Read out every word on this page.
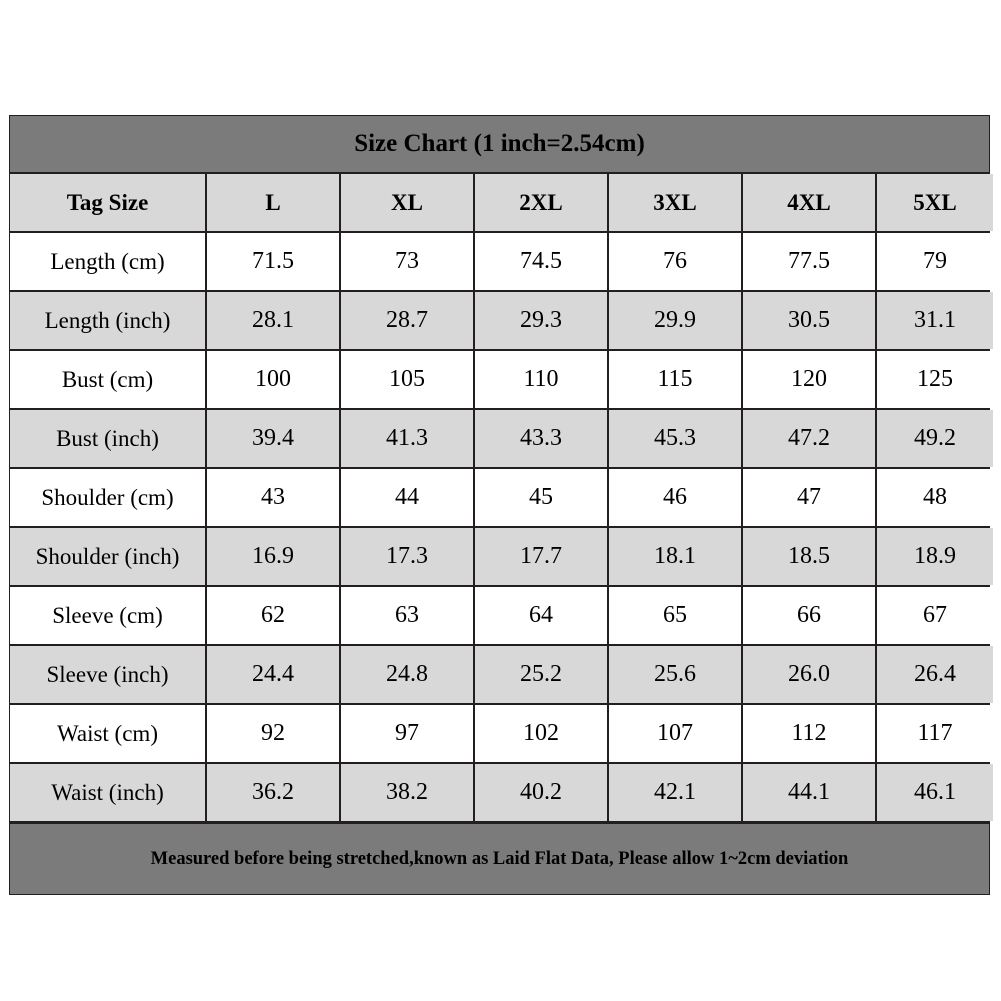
Size Chart (1 inch=2.54cm)
Tag Size	L	XL	2XL	3XL	4XL	5XL
Length (cm)	71.5	73	74.5	76	77.5	79
Length (inch)	28.1	28.7	29.3	29.9	30.5	31.1
Bust (cm)	100	105	110	115	120	125
Bust (inch)	39.4	41.3	43.3	45.3	47.2	49.2
Shoulder (cm)	43	44	45	46	47	48
Shoulder (inch)	16.9	17.3	17.7	18.1	18.5	18.9
Sleeve (cm)	62	63	64	65	66	67
Sleeve (inch)	24.4	24.8	25.2	25.6	26.0	26.4
Waist (cm)	92	97	102	107	112	117
Waist (inch)	36.2	38.2	40.2	42.1	44.1	46.1
Measured before being stretched,known as Laid Flat Data, Please allow 1~2cm deviation
